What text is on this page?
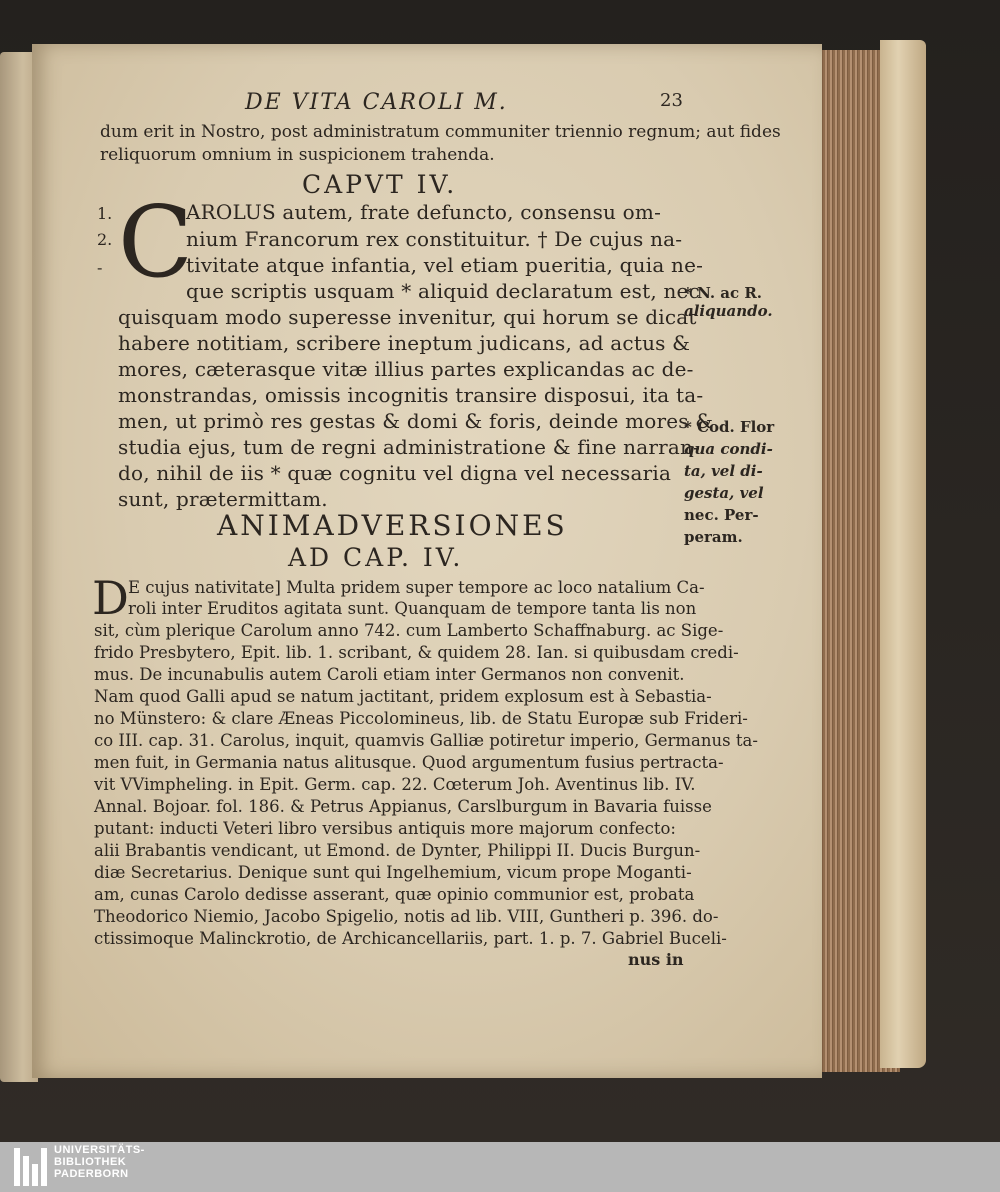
DE VITA CAROLI M.	23
dum erit in Nostro, post administratum communiter triennio regnum; aut fides
reliquorum omnium in suspicionem trahenda.
CAPVT IV.
1.
2.
- C
AROLUS autem, frate defuncto, consensu om-
nium Francorum rex constituitur. † De cujus na-
tivitate atque infantia, vel etiam pueritia, quia ne-
que scriptis usquam * aliquid declaratum est, nec
quisquam modo superesse invenitur, qui horum se dicat
habere notitiam, scribere ineptum judicans, ad actus &
mores, cæterasque vitæ illius partes explicandas ac de-
monstrandas, omissis incognitis transire disposui, ita ta-
men, ut primò res gestas & domi & foris, deinde mores &
studia ejus, tum de regni administratione & fine narran-
do, nihil de iis * quæ cognitu vel digna vel necessaria
sunt, prætermittam.
* N. ac R.
aliquando.
* Cod. Flor
qua condi-
ta, vel di-
gesta, vel
nec. Per-
peram.
ANIMADVERSIONES
AD CAP. IV.
D E cujus nativitate] Multa pridem super tempore ac loco natalium Ca-
roli inter Eruditos agitata sunt. Quanquam de tempore tanta lis non
sit, cùm plerique Carolum anno 742. cum Lamberto Schaffnaburg. ac Sige-
frido Presbytero, Epit. lib. 1. scribant, & quidem 28. Ian. si quibusdam credi-
mus. De incunabulis autem Caroli etiam inter Germanos non convenit.
Nam quod Galli apud se natum jactitant, pridem explosum est à Sebastia-
no Münstero: & clare Æneas Piccolomineus, lib. de Statu Europæ sub Frideri-
co III. cap. 31. Carolus, inquit, quamvis Galliæ potiretur imperio, Germanus ta-
men fuit, in Germania natus alitusque. Quod argumentum fusius pertracta-
vit VVimpheling. in Epit. Germ. cap. 22. Cœterum Joh. Aventinus lib. IV.
Annal. Bojoar. fol. 186. & Petrus Appianus, Carslburgum in Bavaria fuisse
putant: inducti Veteri libro versibus antiquis more majorum confecto:
alii Brabantis vendicant, ut Emond. de Dynter, Philippi II. Ducis Burgun-
diæ Secretarius. Denique sunt qui Ingelhemium, vicum prope Moganti-
am, cunas Carolo dedisse asserant, quæ opinio communior est, probata
Theodorico Niemio, Jacobo Spigelio, notis ad lib. VIII, Guntheri p. 396. do-
ctissimoque Malinckrotio, de Archicancellariis, part. 1. p. 7. Gabriel Buceli-
nus in
UNIVERSITÄTS-
BIBLIOTHEK
PADERBORN
